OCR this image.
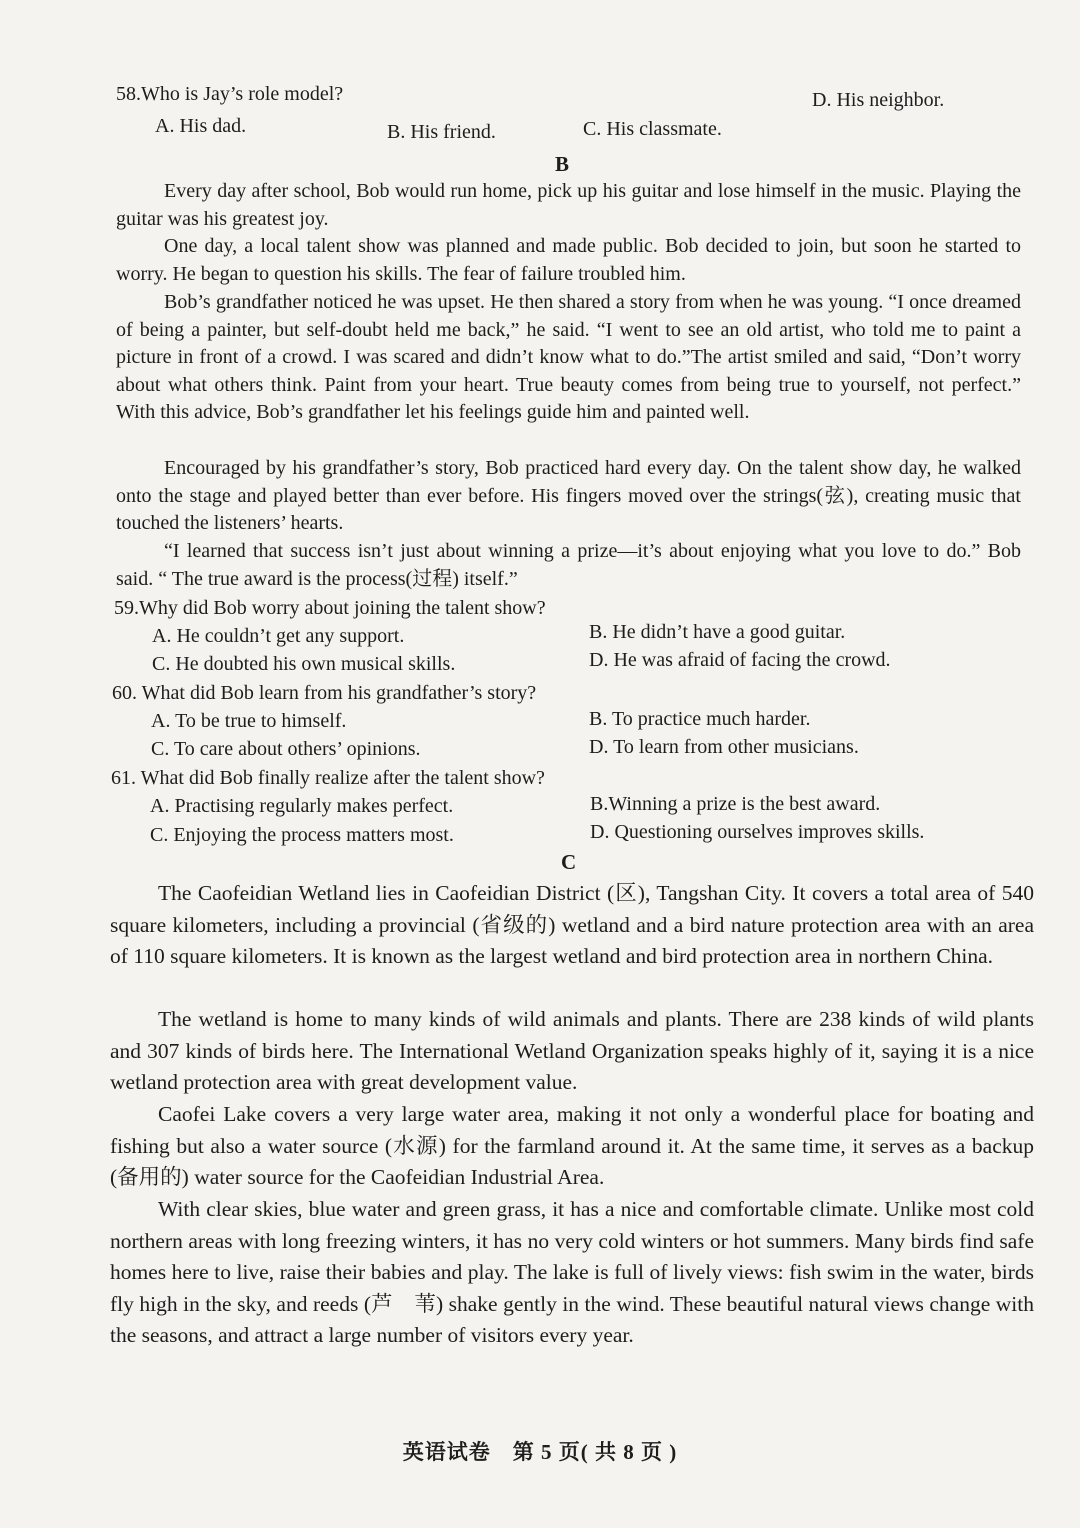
58.Who is Jay’s role model?
A. His dad.	B. His friend.	C. His classmate.
D. His neighbor.
B
Every day after school, Bob would run home, pick up his guitar and lose himself in the music. Playing the guitar was his greatest joy.
One day, a local talent show was planned and made public. Bob decided to join, but soon he started to worry. He began to question his skills. The fear of failure troubled him.
Bob’s grandfather noticed he was upset. He then shared a story from when he was young. “I once dreamed of being a painter, but self-doubt held me back,” he said. “I went to see an old artist, who told me to paint a picture in front of a crowd. I was scared and didn’t know what to do.”The artist smiled and said, “Don’t worry about what others think. Paint from your heart. True beauty comes from being true to yourself, not perfect.” With this advice, Bob’s grandfather let his feelings guide him and painted well.
Encouraged by his grandfather’s story, Bob practiced hard every day. On the talent show day, he walked onto the stage and played better than ever before. His fingers moved over the strings(弦), creating music that touched the listeners’ hearts.
“I learned that success isn’t just about winning a prize—it’s about enjoying what you love to do.” Bob said. “ The true award is the process(过程) itself.”
59.Why did Bob worry about joining the talent show?
A. He couldn’t get any support.	B. He didn’t have a good guitar.
C. He doubted his own musical skills.	D. He was afraid of facing the crowd.
60. What did Bob learn from his grandfather’s story?
A. To be true to himself.	B. To practice much harder.
C. To care about others’ opinions.	D. To learn from other musicians.
61. What did Bob finally realize after the talent show?
A. Practising regularly makes perfect.	B.Winning a prize is the best award.
C. Enjoying the process matters most.	D. Questioning ourselves improves skills.
C
The Caofeidian Wetland lies in Caofeidian District (区), Tangshan City. It covers a total area of 540 square kilometers, including a provincial (省级的) wetland and a bird nature protection area with an area of 110 square kilometers. It is known as the largest wetland and bird protection area in northern China.
The wetland is home to many kinds of wild animals and plants. There are 238 kinds of wild plants and 307 kinds of birds here. The International Wetland Organization speaks highly of it, saying it is a nice wetland protection area with great development value.
Caofei Lake covers a very large water area, making it not only a wonderful place for boating and fishing but also a water source (水源) for the farmland around it. At the same time, it serves as a backup (备用的) water source for the Caofeidian Industrial Area.
With clear skies, blue water and green grass, it has a nice and comfortable climate. Unlike most cold northern areas with long freezing winters, it has no very cold winters or hot summers. Many birds find safe homes here to live, raise their babies and play. The lake is full of lively views: fish swim in the water, birds fly high in the sky, and reeds (芦　苇) shake gently in the wind. These beautiful natural views change with the seasons, and attract a large number of visitors every year.
英语试卷　第 5 页( 共 8 页 )
